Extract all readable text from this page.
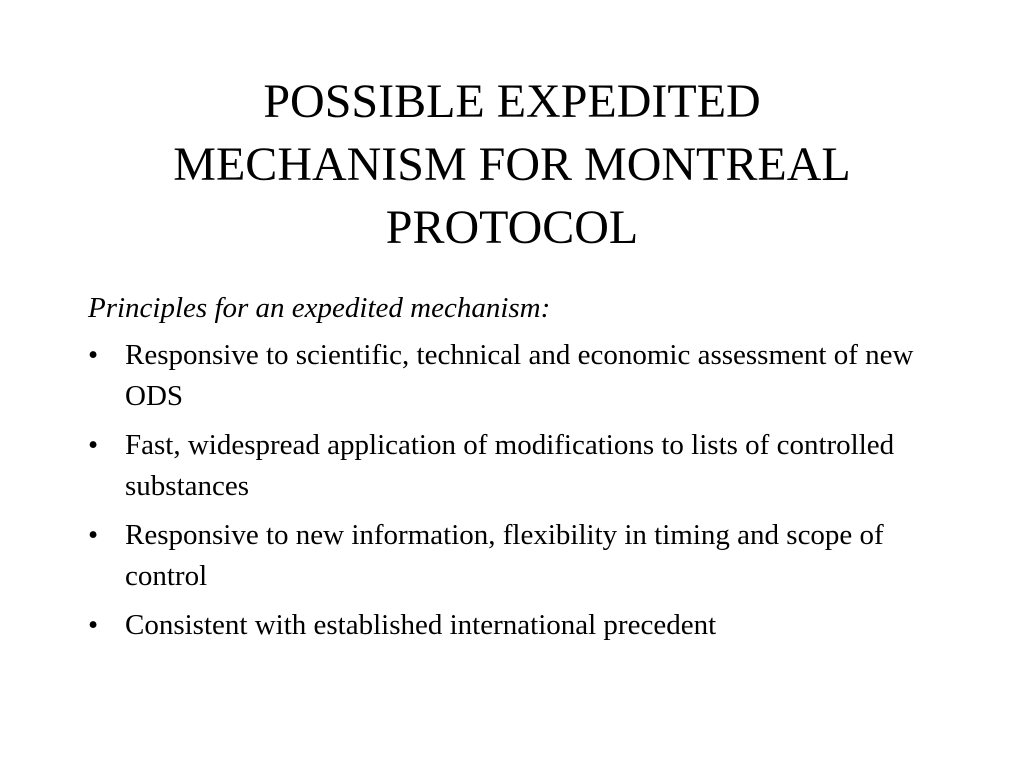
POSSIBLE EXPEDITED
MECHANISM FOR MONTREAL
PROTOCOL

Principles for an expedited mechanism:

• Responsive to scientific, technical and economic assessment of new ODS
• Fast, widespread application of modifications to lists of controlled substances
• Responsive to new information, flexibility in timing and scope of control
• Consistent with established international precedent
